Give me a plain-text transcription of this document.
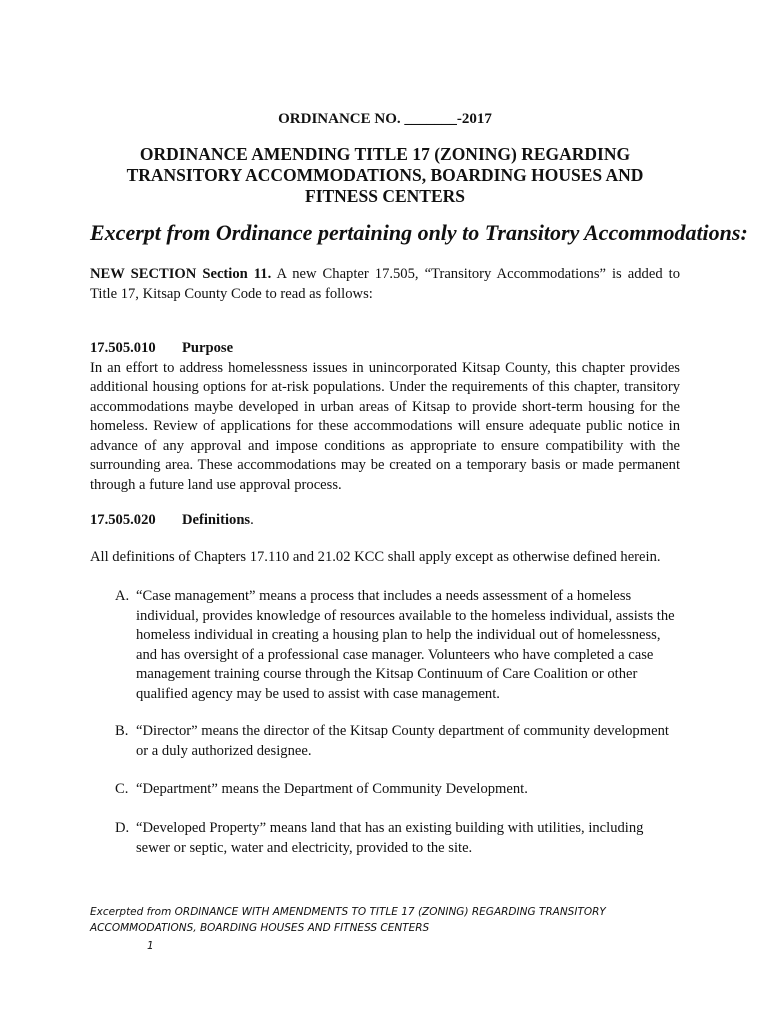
ORDINANCE NO. _______-2017
ORDINANCE AMENDING TITLE 17 (ZONING) REGARDING TRANSITORY ACCOMMODATIONS, BOARDING HOUSES AND FITNESS CENTERS
Excerpt from Ordinance pertaining only to Transitory Accommodations:
NEW SECTION Section 11. A new Chapter 17.505, “Transitory Accommodations” is added to Title 17, Kitsap County Code to read as follows:
17.505.010 Purpose
In an effort to address homelessness issues in unincorporated Kitsap County, this chapter provides additional housing options for at-risk populations. Under the requirements of this chapter, transitory accommodations maybe developed in urban areas of Kitsap to provide short-term housing for the homeless. Review of applications for these accommodations will ensure adequate public notice in advance of any approval and impose conditions as appropriate to ensure compatibility with the surrounding area. These accommodations may be created on a temporary basis or made permanent through a future land use approval process.
17.505.020 Definitions.
All definitions of Chapters 17.110 and 21.02 KCC shall apply except as otherwise defined herein.
A. “Case management” means a process that includes a needs assessment of a homeless individual, provides knowledge of resources available to the homeless individual, assists the homeless individual in creating a housing plan to help the individual out of homelessness, and has oversight of a professional case manager. Volunteers who have completed a case management training course through the Kitsap Continuum of Care Coalition or other qualified agency may be used to assist with case management.
B. “Director” means the director of the Kitsap County department of community development or a duly authorized designee.
C. “Department” means the Department of Community Development.
D. “Developed Property” means land that has an existing building with utilities, including sewer or septic, water and electricity, provided to the site.
Excerpted from ORDINANCE WITH AMENDMENTS TO TITLE 17 (ZONING) REGARDING TRANSITORY ACCOMMODATIONS, BOARDING HOUSES AND FITNESS CENTERS
1
